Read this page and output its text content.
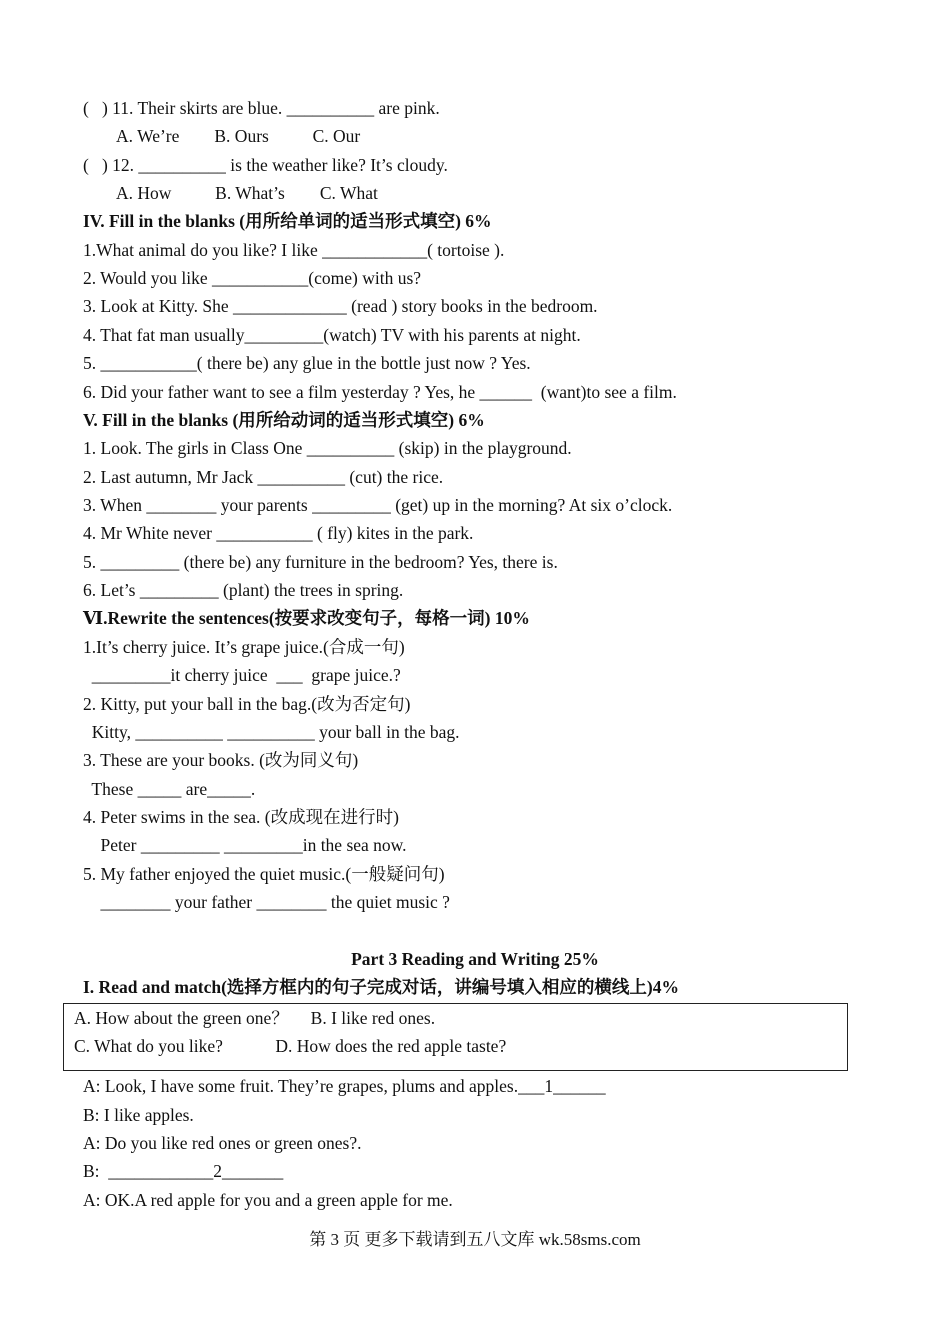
(   ) 11. Their skirts are blue. __________ are pink.
A. We’re        B. Ours          C. Our
(   ) 12. __________ is the weather like? It’s cloudy.
A. How          B. What’s        C. What
IV. Fill in the blanks (用所给单词的适当形式填空) 6%
1.What animal do you like? I like ____________( tortoise ).
2. Would you like ___________(come) with us?
3. Look at Kitty. She _____________ (read ) story books in the bedroom.
4. That fat man usually_________(watch) TV with his parents at night.
5. ___________( there be) any glue in the bottle just now ? Yes.
6. Did your father want to see a film yesterday ? Yes, he ______  (want)to see a film.
V. Fill in the blanks (用所给动词的适当形式填空) 6%
1. Look. The girls in Class One __________ (skip) in the playground.
2. Last autumn, Mr Jack __________ (cut) the rice.
3. When ________ your parents _________ (get) up in the morning? At six o’clock.
4. Mr White never ___________ ( fly) kites in the park.
5. _________ (there be) any furniture in the bedroom? Yes, there is.
6. Let’s _________ (plant) the trees in spring.
Ⅵ.Rewrite the sentences(按要求改变句子，每格一词) 10%
1.It’s cherry juice. It’s grape juice.(合成一句)
_________it cherry juice  ___  grape juice.?
2. Kitty, put your ball in the bag.(改为否定句)
Kitty, __________ __________ your ball in the bag.
3. These are your books. (改为同义句)
These _____ are_____.
4. Peter swims in the sea. (改成现在进行时)
Peter _________ _________in the sea now.
5. My father enjoyed the quiet music.(一般疑问句)
________ your father ________ the quiet music ?
Part 3 Reading and Writing 25%
I. Read and match(选择方框内的句子完成对话，讲编号填入相应的横线上)4%
A. How about the green one？     B. I like red ones.
C. What do you like?            D. How does the red apple taste?
A: Look, I have some fruit. They’re grapes, plums and apples.___1______
B: I like apples.
A: Do you like red ones or green ones?.
B:  ____________2_______
A: OK.A red apple for you and a green apple for me.
第 3 页 更多下载请到五八文库 wk.58sms.com
